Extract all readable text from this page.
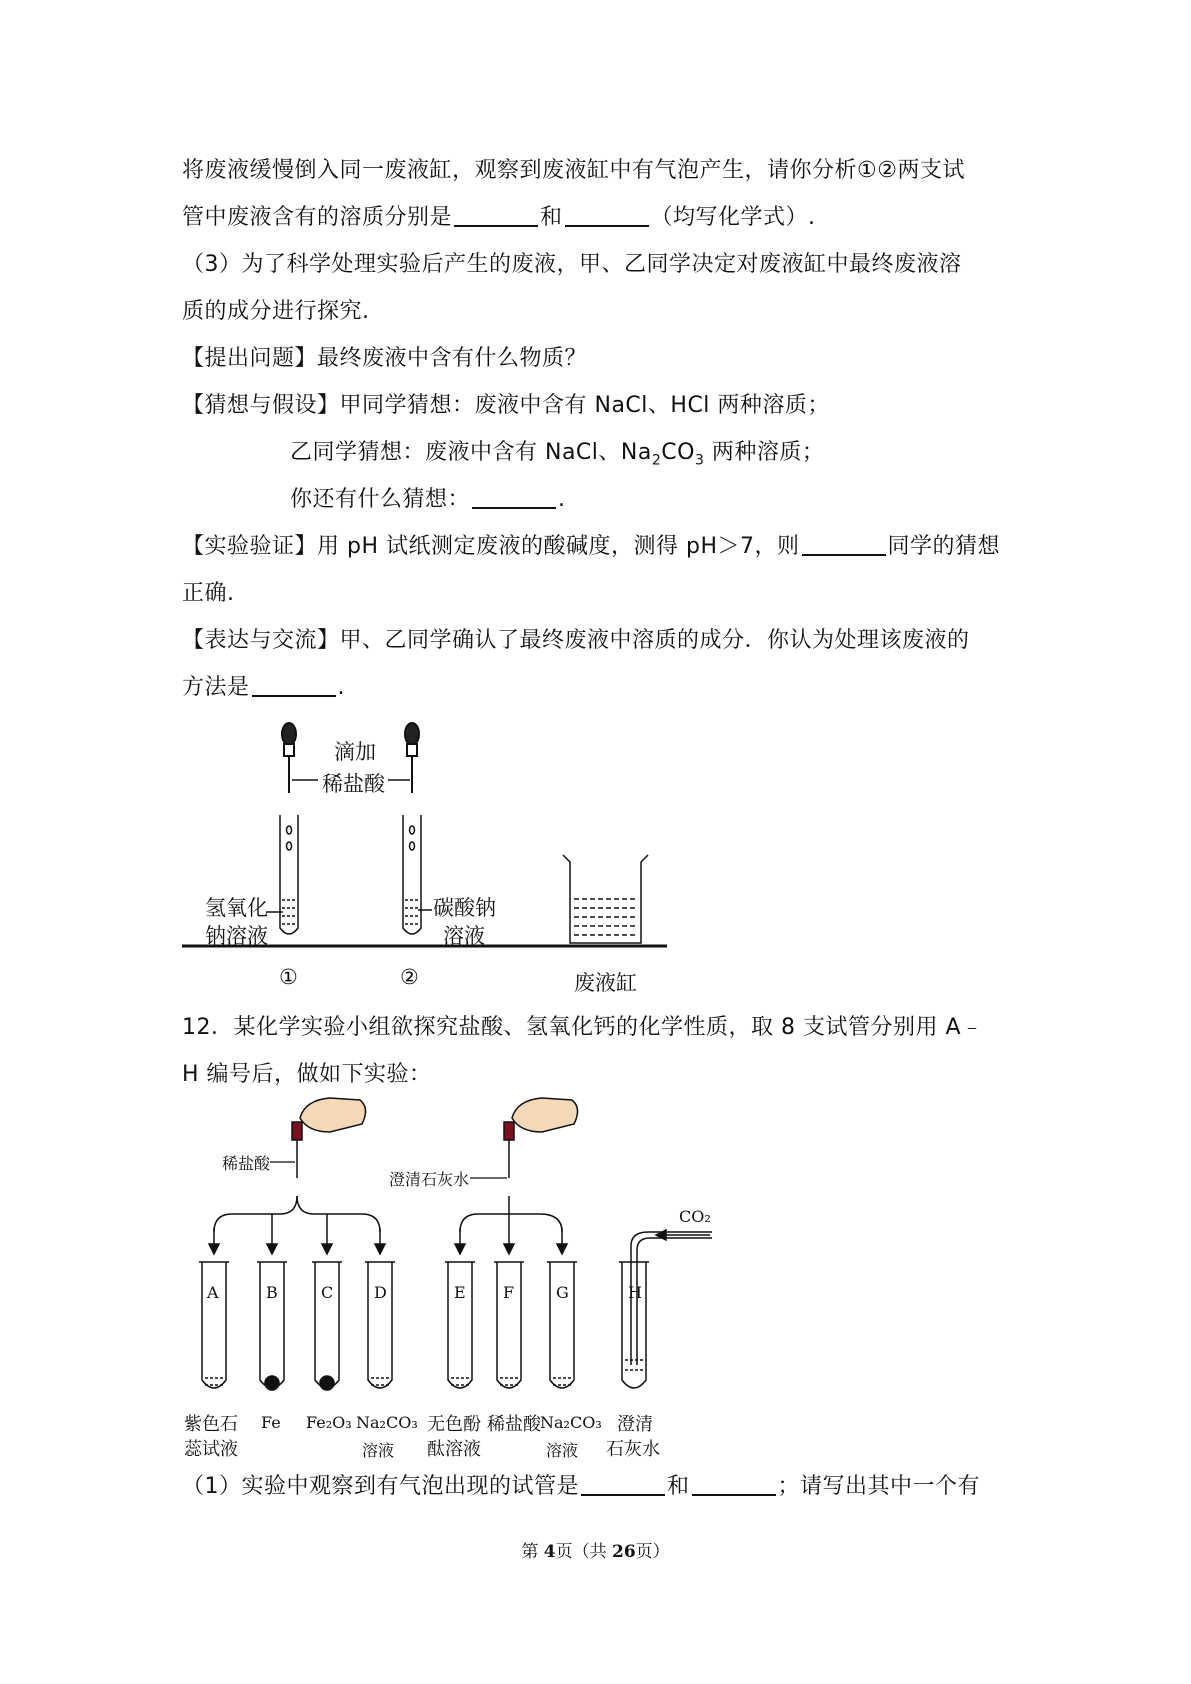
将废液缓慢倒入同一废液缸，观察到废液缸中有气泡产生，请你分析①②两支试

管中废液含有的溶质分别是	和	（均写化学式）.

（3）为了科学处理实验后产生的废液，甲、乙同学决定对废液缸中最终废液溶

质的成分进行探究.

【提出问题】最终废液中含有什么物质？

【猜想与假设】甲同学猜想：废液中含有 NaCl、HCl 两种溶质；

乙同学猜想：废液中含有 NaCl、$Na_2CO_3$ 两种溶质；

你还有什么猜想：	.

【实验验证】用 pH 试纸测定废液的酸碱度，测得 pH＞7，则	同学的猜想

正确.

【表达与交流】甲、乙同学确认了最终废液中溶质的成分．你认为处理该废液的

方法是	.

滴加
稀盐酸
氢氧化
钠溶液
碳酸钠
溶液
①	②	废液缸

12．某化学实验小组欲探究盐酸、氢氧化钙的化学性质，取 8 支试管分别用 A﹣

H 编号后，做如下实验：

稀盐酸
澄清石灰水
CO₂
A	B	C	D	E F	G	H
紫色石
蕊试液
Fe Fe₂O₃ Na₂CO₃
溶液
无色酚
酞溶液
稀盐酸 Na₂CO₃
溶液
澄清
石灰水

（1）实验中观察到有气泡出现的试管是	和	；请写出其中一个有

第 4页（共 26页）
